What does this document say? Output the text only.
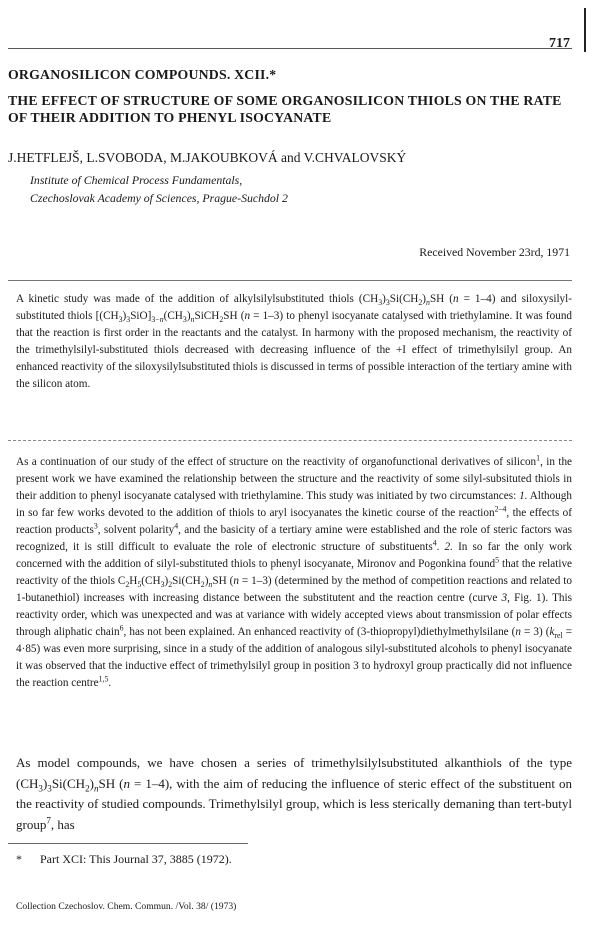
717
ORGANOSILICON COMPOUNDS. XCII.*
THE EFFECT OF STRUCTURE OF SOME ORGANOSILICON THIOLS ON THE RATE OF THEIR ADDITION TO PHENYL ISOCYANATE
J.HETFLEJŠ, L.SVOBODA, M.JAKOUBKOVÁ and V.CHVALOVSKÝ
Institute of Chemical Process Fundamentals,
Czechoslovak Academy of Sciences, Prague-Suchdol 2
Received November 23rd, 1971

A kinetic study was made of the addition of alkylsilylsubstituted thiols $(CH_3)_3Si(CH_2)_nSH$ (n = 1–4) and siloxysilyl-substituted thiols $[(CH_3)_3SiO]_{3-n}(CH_3)_nSiCH_2SH$ (n = 1–3) to phenyl isocyanate catalysed with triethylamine. It was found that the reaction is first order in the reactants and the catalyst. In harmony with the proposed mechanism, the reactivity of the trimethylsilyl-substituted thiols decreased with decreasing influence of the +I effect of trimethylsilyl group. An enhanced reactivity of the siloxysilylsubstituted thiols is discussed in terms of possible interaction of the tertiary amine with the silicon atom.

As a continuation of our study of the effect of structure on the reactivity of organofunctional derivatives of silicon$^1$, in the present work we have examined the relationship between the structure and the reactivity of some silyl-subsituted thiols in their addition to phenyl isocyanate catalysed with triethylamine. This study was initiated by two circumstances: 1. Although in so far few works devoted to the addition of thiols to aryl isocyanates the kinetic course of the reaction$^{2-4}$, the effects of reaction products$^3$, solvent polarity$^4$, and the basicity of a tertiary amine were established and the role of steric factors was recognized, it is still difficult to evaluate the role of electronic structure of substituents$^4$. 2. In so far the only work concerned with the addition of silyl-substituted thiols to phenyl isocyanate, Mironov and Pogonkina found$^5$ that the relative reactivity of the thiols $C_2H_5(CH_3)_2Si(CH_2)_nSH$ (n = 1–3) (determined by the method of competition reactions and related to 1-butanethiol) increases with increasing distance between the substitutent and the reaction centre (curve 3, Fig. 1). This reactivity order, which was unexpected and was at variance with widely accepted views about transmission of polar effects through aliphatic chain$^6$, has not been explained. An enhanced reactivity of (3-thiopropyl)diethylmethylsilane (n = 3) $(k_{rel} = 4\cdot 85)$ was even more surprising, since in a study of the addition of analogous silyl-substituted alcohols to phenyl isocyanate it was observed that the inductive effect of trimethylsilyl group in position 3 to hydroxyl group practically did not influence the reaction centre$^{1,5}$.

As model compounds, we have chosen a series of trimethylsilylsubstituted alkanthiols of the type $(CH_3)_3Si(CH_2)_nSH$ (n = 1–4), with the aim of reducing the influence of steric effect of the substituent on the reactivity of studied compounds. Trimethylsilyl group, which is less sterically demaning than tert-butyl group$^7$, has

*      Part XCI: This Journal 37, 3885 (1972).
Collection Czechoslov. Chem. Commun. /Vol. 38/ (1973)
